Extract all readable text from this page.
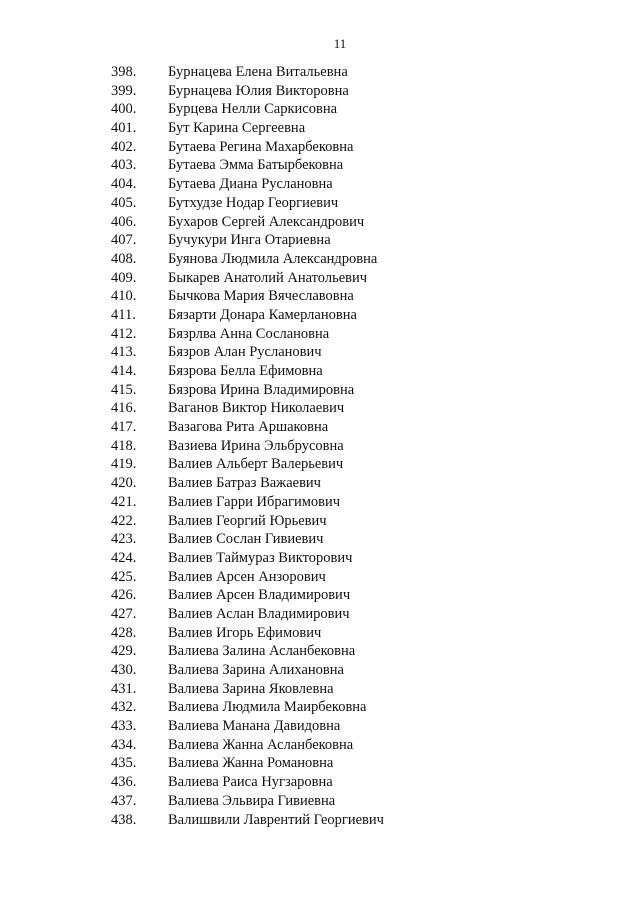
11
398. Бурнацева Елена Витальевна
399. Бурнацева Юлия Викторовна
400. Бурцева Нелли Саркисовна
401. Бут Карина Сергеевна
402. Бутаева Регина Махарбековна
403. Бутаева Эмма Батырбековна
404. Бутаева Диана Руслановна
405. Бутхудзе Нодар Георгиевич
406. Бухаров Сергей Александрович
407. Бучукури Инга Отариевна
408. Буянова Людмила Александровна
409. Быкарев Анатолий Анатольевич
410. Бычкова Мария Вячеславовна
411. Бязарти Донара Камерлановна
412. Бязрлва Анна Сослановна
413. Бязров Алан Русланович
414. Бязрова Белла Ефимовна
415. Бязрова Ирина Владимировна
416. Ваганов Виктор Николаевич
417. Вазагова Рита Аршаковна
418. Вазиева Ирина Эльбрусовна
419. Валиев Альберт Валерьевич
420. Валиев Батраз Важаевич
421. Валиев Гарри Ибрагимович
422. Валиев Георгий Юрьевич
423. Валиев Сослан Гивиевич
424. Валиев Таймураз Викторович
425. Валиев Арсен Анзорович
426. Валиев Арсен Владимирович
427. Валиев Аслан Владимирович
428. Валиев Игорь Ефимович
429. Валиева Залина Асланбековна
430. Валиева Зарина Алихановна
431. Валиева Зарина Яковлевна
432. Валиева Людмила Маирбековна
433. Валиева Манана Давидовна
434. Валиева Жанна Асланбековна
435. Валиева Жанна Романовна
436. Валиева Раиса Нугзаровна
437. Валиева Эльвира Гивиевна
438. Валишвили Лаврентий Георгиевич
